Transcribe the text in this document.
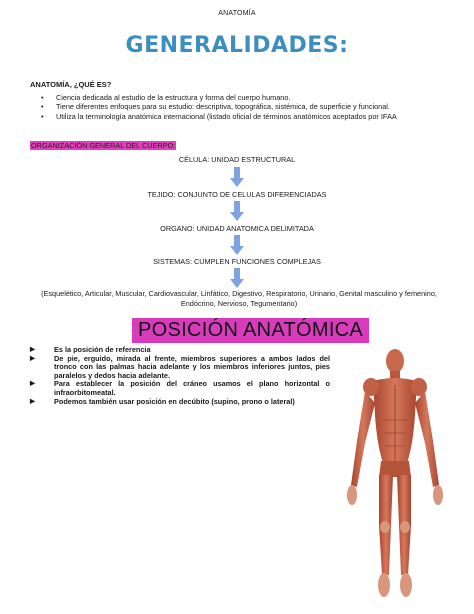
ANATOMÍA
GENERALIDADES:
ANATOMÍA, ¿QUÉ ES?
• Ciencia dedicada al estudio de la estructura y forma del cuerpo humano.
• Tiene diferentes enfoques para su estudio: descriptiva, topográfica, sistémica, de superficie y funcional.
• Utiliza la terminología anatómica internacional (listado oficial de términos anatómicos aceptados por IFAA
ORGANIZACIÓN GENERAL DEL CUERPO:
CÉLULA: UNIDAD ESTRUCTURAL
TEJIDO: CONJUNTO DE CELULAS DIFERENCIADAS
ORGANO: UNIDAD ANATOMICA DELIMITADA
SISTEMAS: CUMPLEN FUNCIONES COMPLEJAS
(Esquelético, Articular, Muscular, Cardiovascular, Linfático, Digestivo, Respiratorio, Urinario, Genital masculino y femenino, Endócrino, Nervioso, Tegumentario)
POSICIÓN ANATÓMICA
▶ Es la posición de referencia
▶ De pie, erguido, mirada al frente, miembros superiores a ambos lados del tronco con las palmas hacia adelante y los miembros inferiores juntos, pies paralelos y dedos hacia adelante.
▶ Para establecer la posición del cráneo usamos el plano horizontal o infraorbitomeatal.
▶ Podemos también usar posición en decúbito (supino, prono o lateral)
